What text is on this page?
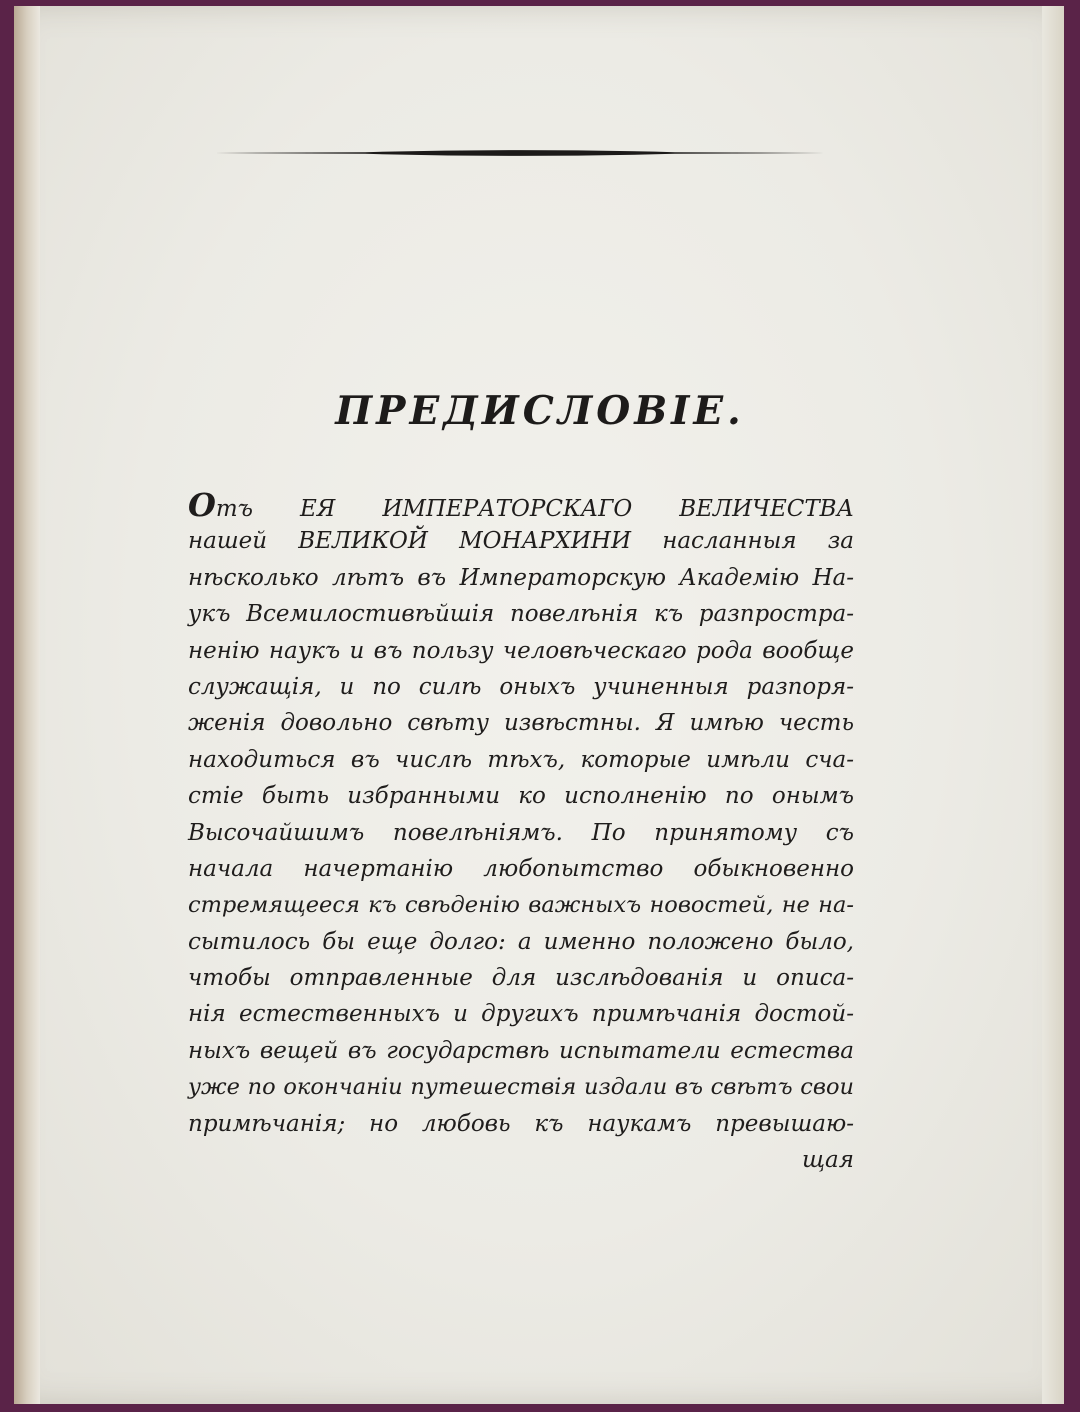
ПРЕДИСЛОВІЕ.
Отъ ЕЯ ИМПЕРАТОРСКАГО ВЕЛИЧЕСТВА
нашей ВЕЛИКОЙ МОНАРХИНИ насланныя за
нѣсколько лѣтъ въ Императорскую Академію На-
укъ Всемилостивѣйшія повелѣнія къ разпростра-
ненію наукъ и въ пользу человѣческаго рода вообще
служащія, и по силѣ оныхъ учиненныя разпоря-
женія довольно свѣту извѣстны. Я имѣю честь
находиться въ числѣ тѣхъ, которые имѣли сча-
стіе быть избранными ко исполненію по онымъ
Высочайшимъ повелѣніямъ. По принятому съ
начала начертанію любопытство обыкновенно
стремящееся къ свѣденію важныхъ новостей, не на-
сытилось бы еще долго: а именно положено было,
чтобы отправленные для изслѣдованія и описа-
нія естественныхъ и другихъ примѣчанія достой-
ныхъ вещей въ государствѣ испытатели естества
уже по окончаніи путешествія издали въ свѣтъ свои
примѣчанія; но любовь къ наукамъ превышаю-
щая
